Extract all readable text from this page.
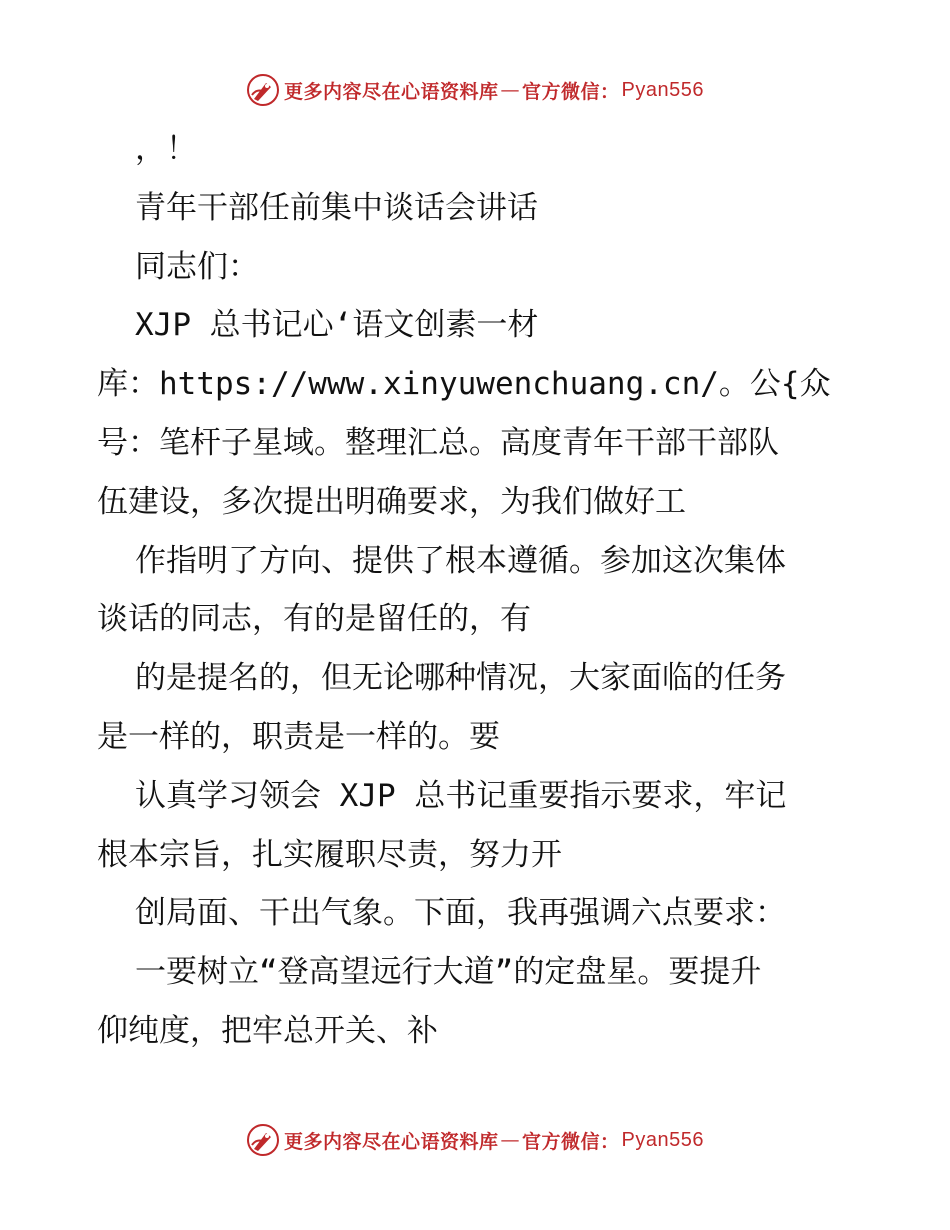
更多内容尽在心语资料库 — 官方微信： Pyan556
，！
青年干部任前集中谈话会讲话
同志们：
XJP 总书记心‘语文创素一材
库：https://www.xinyuwenchuang.cn/。公{众
号：笔杆子星域。整理汇总。高度青年干部干部队
伍建设，多次提出明确要求，为我们做好工
作指明了方向、提供了根本遵循。参加这次集体
谈话的同志，有的是留任的，有
的是提名的，但无论哪种情况，大家面临的任务
是一样的，职责是一样的。要
认真学习领会 XJP 总书记重要指示要求，牢记
根本宗旨，扎实履职尽责，努力开
创局面、干出气象。下面，我再强调六点要求：
一要树立“登高望远行大道”的定盘星。要提升
仰纯度，把牢总开关、补
更多内容尽在心语资料库 — 官方微信： Pyan556
